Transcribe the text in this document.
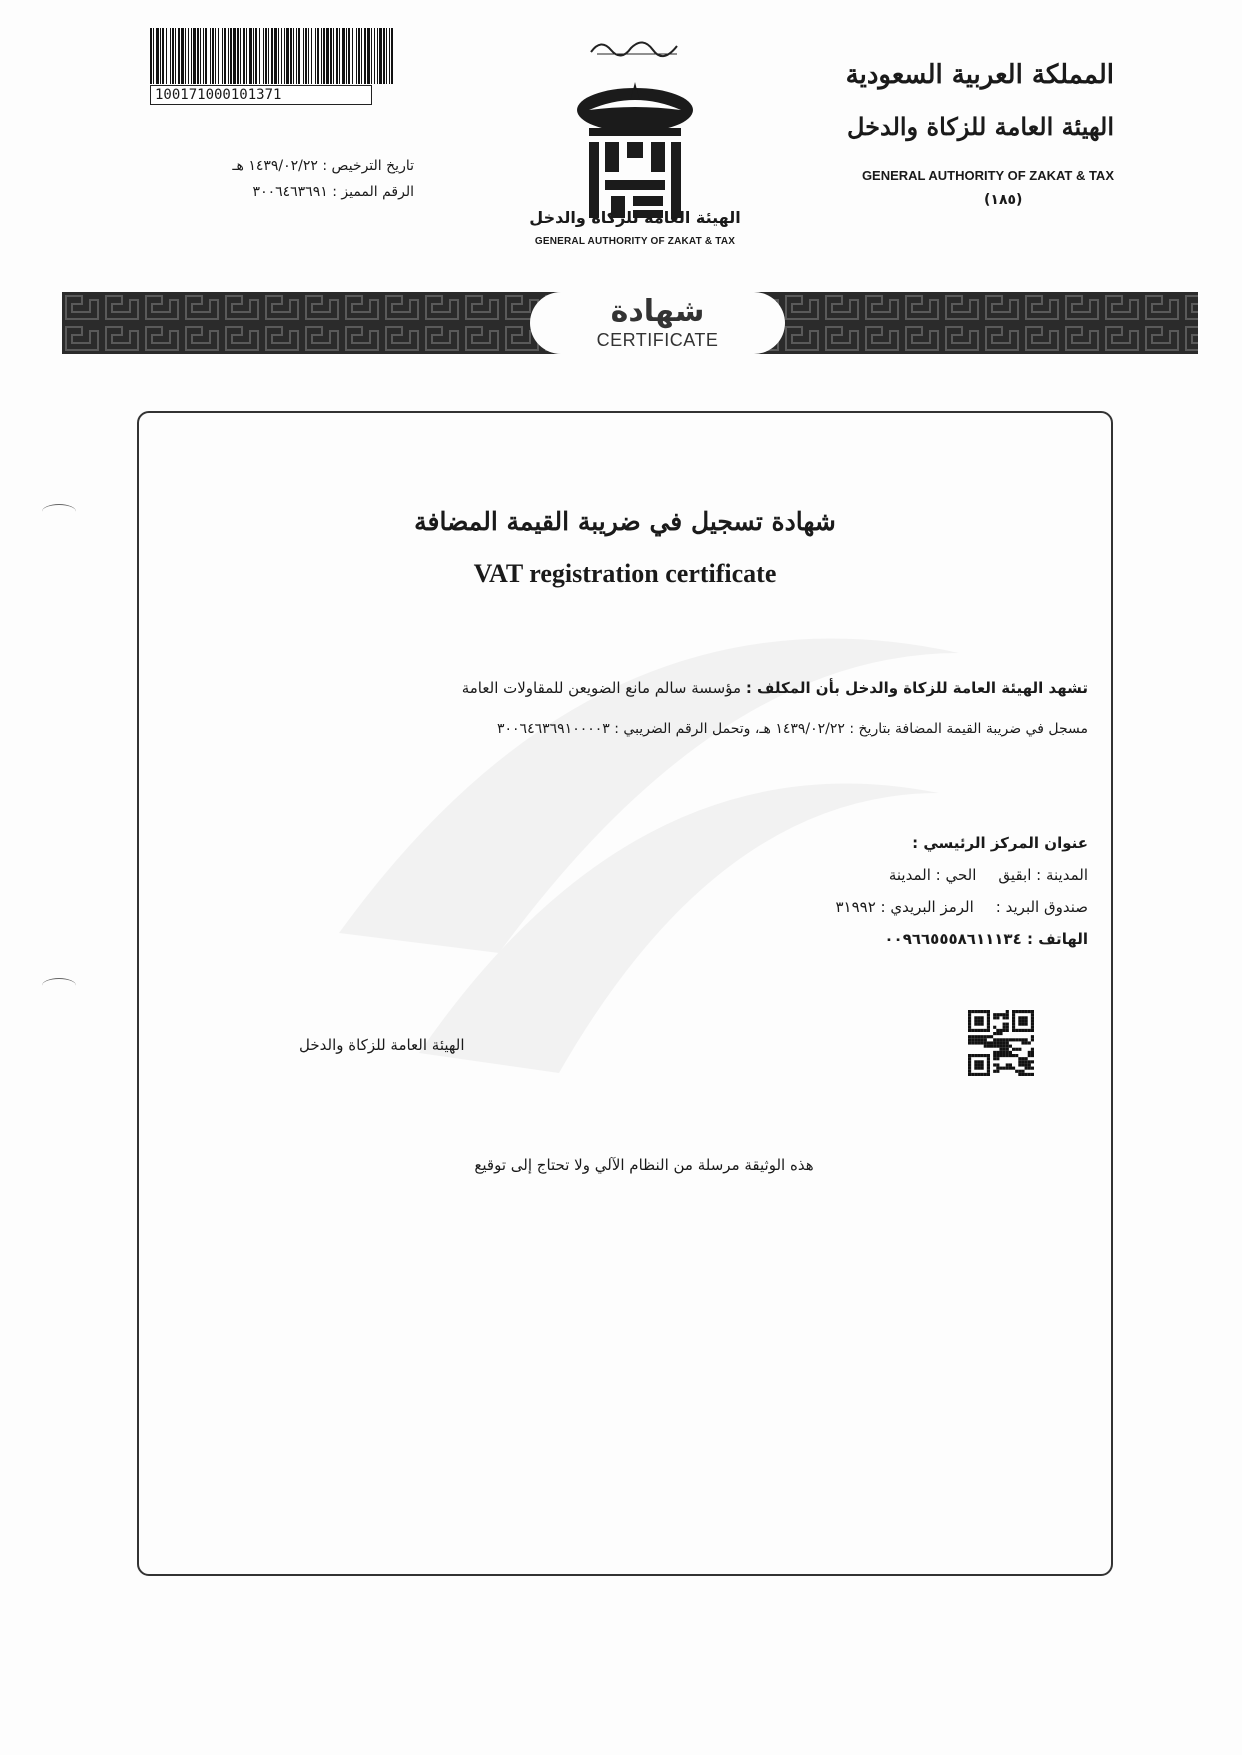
100171000101371
تاريخ الترخيص : ١٤٣٩/٠٢/٢٢ هـ
الرقم المميز : ٣٠٠٦٤٦٣٦٩١
الهيئة العامة للزكاة والدخل
GENERAL AUTHORITY OF ZAKAT & TAX
المملكة العربية السعودية
الهيئة العامة للزكاة والدخل
GENERAL AUTHORITY OF ZAKAT & TAX
(١٨٥)
شهادة
CERTIFICATE
شهادة تسجيل في ضريبة القيمة المضافة
VAT registration certificate
تشهد الهيئة العامة للزكاة والدخل بأن المكلف : مؤسسة سالم مانع الضويعن للمقاولات العامة
مسجل في ضريبة القيمة المضافة بتاريخ : ١٤٣٩/٠٢/٢٢ هـ، وتحمل الرقم الضريبي : ٣٠٠٦٤٦٣٦٩١٠٠٠٠٣
عنوان المركز الرئيسي :
المدينة : ابقيقالحي : المدينة
صندوق البريد :الرمز البريدي : ٣١٩٩٢
الهاتف : ٠٠٩٦٦٥٥٥٨٦١١١٣٤
الهيئة العامة للزكاة والدخل
هذه الوثيقة مرسلة من النظام الآلي ولا تحتاج إلى توقيع
